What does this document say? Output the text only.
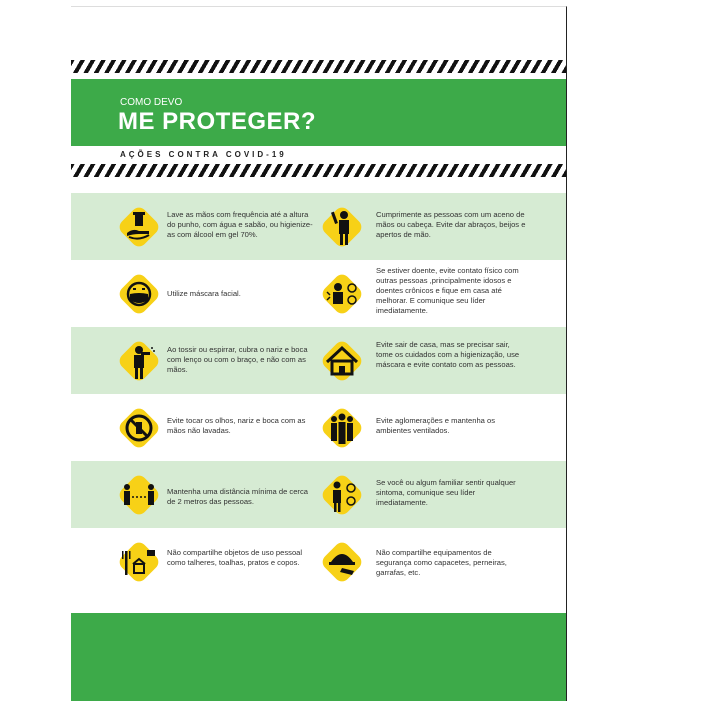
COMO DEVO
ME PROTEGER?
AÇÕES CONTRA COVID-19
Lave as mãos com frequência até a altura do punho, com água e sabão, ou higienize-as com álcool em gel 70%.
Cumprimente as pessoas com um aceno de mãos ou cabeça. Evite dar abraços, beijos e apertos de mão.
Utilize máscara facial.
Se estiver doente, evite contato físico com outras pessoas ,principalmente idosos e doentes crônicos e fique em casa até melhorar. E comunique seu líder imediatamente.
Ao tossir ou espirrar, cubra o nariz e boca com lenço ou com o braço, e não com as mãos.
Evite sair de casa, mas se precisar sair, tome os cuidados com a higienização, use máscara e evite contato com as pessoas.
Evite tocar os olhos, nariz e boca com as mãos não lavadas.
Evite aglomerações e mantenha os ambientes ventilados.
Mantenha uma distância mínima de cerca de 2 metros das pessoas.
Se você ou algum familiar sentir qualquer sintoma, comunique seu líder imediatamente.
Não compartilhe objetos de uso pessoal como talheres, toalhas, pratos e copos.
Não compartilhe equipamentos de segurança como capacetes, perneiras, garrafas, etc.
